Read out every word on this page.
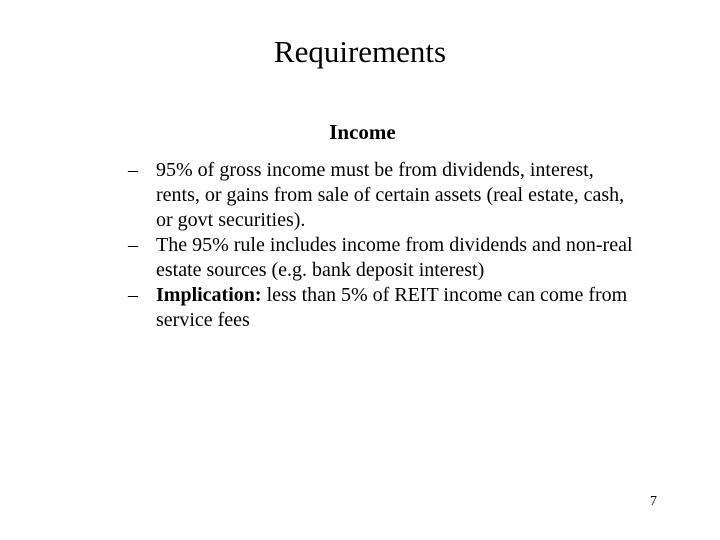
Requirements
Income
– 95% of gross income must be from dividends, interest, rents, or gains from sale of certain assets (real estate, cash, or govt securities).
– The 95% rule includes income from dividends and non-real estate sources (e.g. bank deposit interest)
– Implication: less than 5% of REIT income can come from service fees
7
